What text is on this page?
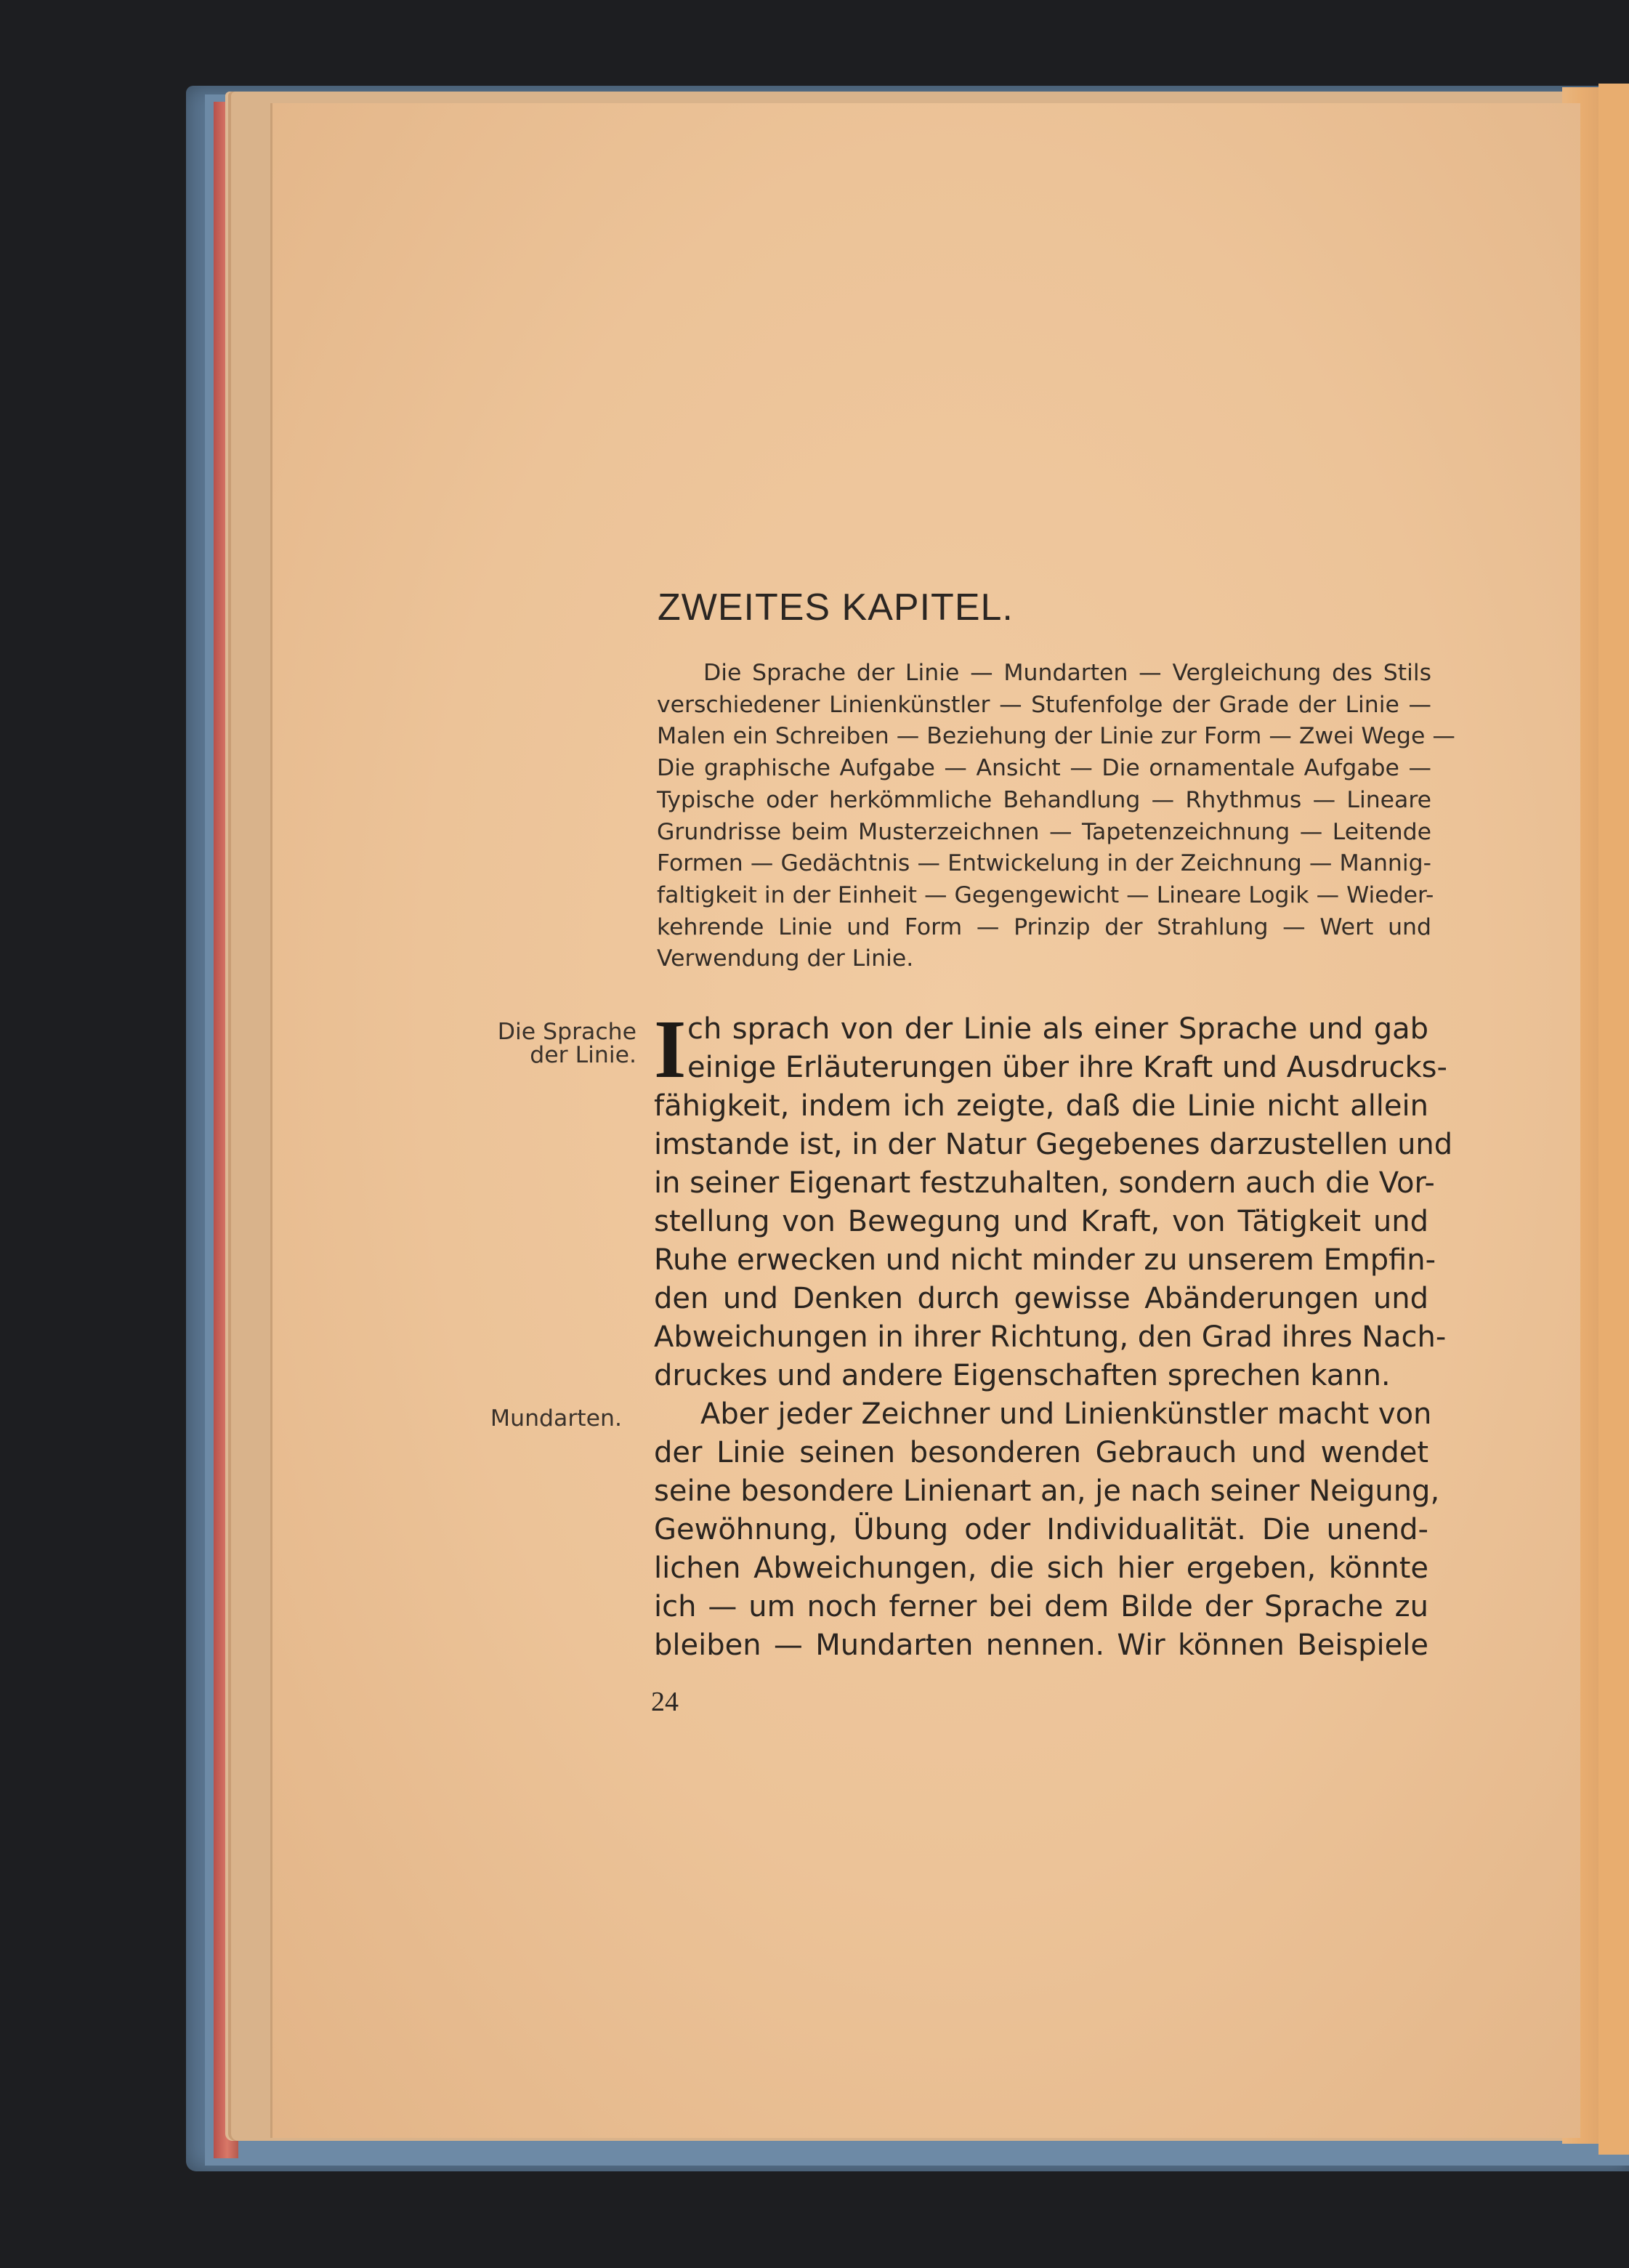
ZWEITES KAPITEL.
Die Sprache der Linie — Mundarten — Vergleichung des Stils
verschiedener Linienkünstler — Stufenfolge der Grade der Linie —
Malen ein Schreiben — Beziehung der Linie zur Form — Zwei Wege —
Die graphische Aufgabe — Ansicht — Die ornamentale Aufgabe —
Typische oder herkömmliche Behandlung — Rhythmus — Lineare
Grundrisse beim Musterzeichnen — Tapetenzeichnung — Leitende
Formen — Gedächtnis — Entwickelung in der Zeichnung — Mannig-
faltigkeit in der Einheit — Gegengewicht — Lineare Logik — Wieder-
kehrende Linie und Form — Prinzip der Strahlung — Wert und
Verwendung der Linie.
Die Sprache
der Linie.
Mundarten.
I ch sprach von der Linie als einer Sprache und gab
einige Erläuterungen über ihre Kraft und Ausdrucks-
fähigkeit, indem ich zeigte, daß die Linie nicht allein
imstande ist, in der Natur Gegebenes darzustellen und
in seiner Eigenart festzuhalten, sondern auch die Vor-
stellung von Bewegung und Kraft, von Tätigkeit und
Ruhe erwecken und nicht minder zu unserem Empfin-
den und Denken durch gewisse Abänderungen und
Abweichungen in ihrer Richtung, den Grad ihres Nach-
druckes und andere Eigenschaften sprechen kann.
Aber jeder Zeichner und Linienkünstler macht von
der Linie seinen besonderen Gebrauch und wendet
seine besondere Linienart an, je nach seiner Neigung,
Gewöhnung, Übung oder Individualität. Die unend-
lichen Abweichungen, die sich hier ergeben, könnte
ich — um noch ferner bei dem Bilde der Sprache zu
bleiben — Mundarten nennen. Wir können Beispiele
24
